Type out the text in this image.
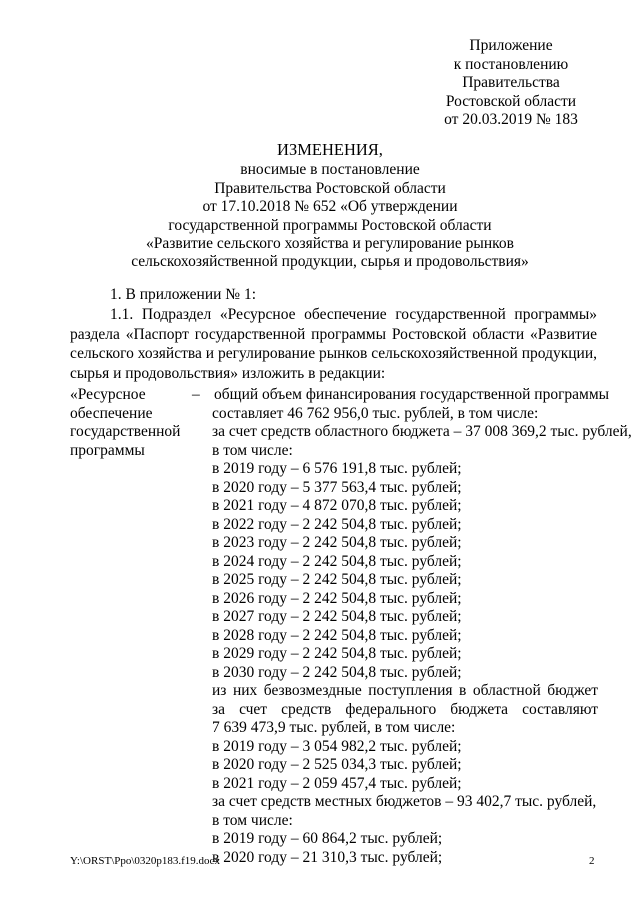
Приложение
к постановлению
Правительства
Ростовской области
от 20.03.2019 № 183
ИЗМЕНЕНИЯ,
вносимые в постановление
Правительства Ростовской области
от 17.10.2018 № 652 «Об утверждении
государственной программы Ростовской области
«Развитие сельского хозяйства и регулирование рынков
сельскохозяйственной продукции, сырья и продовольствия»
1. В приложении № 1:
1.1. Подраздел «Ресурсное обеспечение государственной программы»
раздела «Паспорт государственной программы Ростовской области «Развитие
сельского хозяйства и регулирование рынков сельскохозяйственной продукции,
сырья и продовольствия» изложить в редакции:
«Ресурсное
обеспечение
государственной
программы
– общий объем финансирования государственной программы
составляет 46 762 956,0 тыс. рублей, в том числе:
за счет средств областного бюджета – 37 008 369,2 тыс. рублей,
в том числе:
в 2019 году – 6 576 191,8 тыс. рублей;
в 2020 году – 5 377 563,4 тыс. рублей;
в 2021 году – 4 872 070,8 тыс. рублей;
в 2022 году – 2 242 504,8 тыс. рублей;
в 2023 году – 2 242 504,8 тыс. рублей;
в 2024 году – 2 242 504,8 тыс. рублей;
в 2025 году – 2 242 504,8 тыс. рублей;
в 2026 году – 2 242 504,8 тыс. рублей;
в 2027 году – 2 242 504,8 тыс. рублей;
в 2028 году – 2 242 504,8 тыс. рублей;
в 2029 году – 2 242 504,8 тыс. рублей;
в 2030 году – 2 242 504,8 тыс. рублей;
из них безвозмездные поступления в областной бюджет
за счет средств федерального бюджета составляют
7 639 473,9 тыс. рублей, в том числе:
в 2019 году – 3 054 982,2 тыс. рублей;
в 2020 году – 2 525 034,3 тыс. рублей;
в 2021 году – 2 059 457,4 тыс. рублей;
за счет средств местных бюджетов – 93 402,7 тыс. рублей,
в том числе:
в 2019 году – 60 864,2 тыс. рублей;
в 2020 году – 21 310,3 тыс. рублей;
Y:\ORST\Ppo\0320p183.f19.docx	2
